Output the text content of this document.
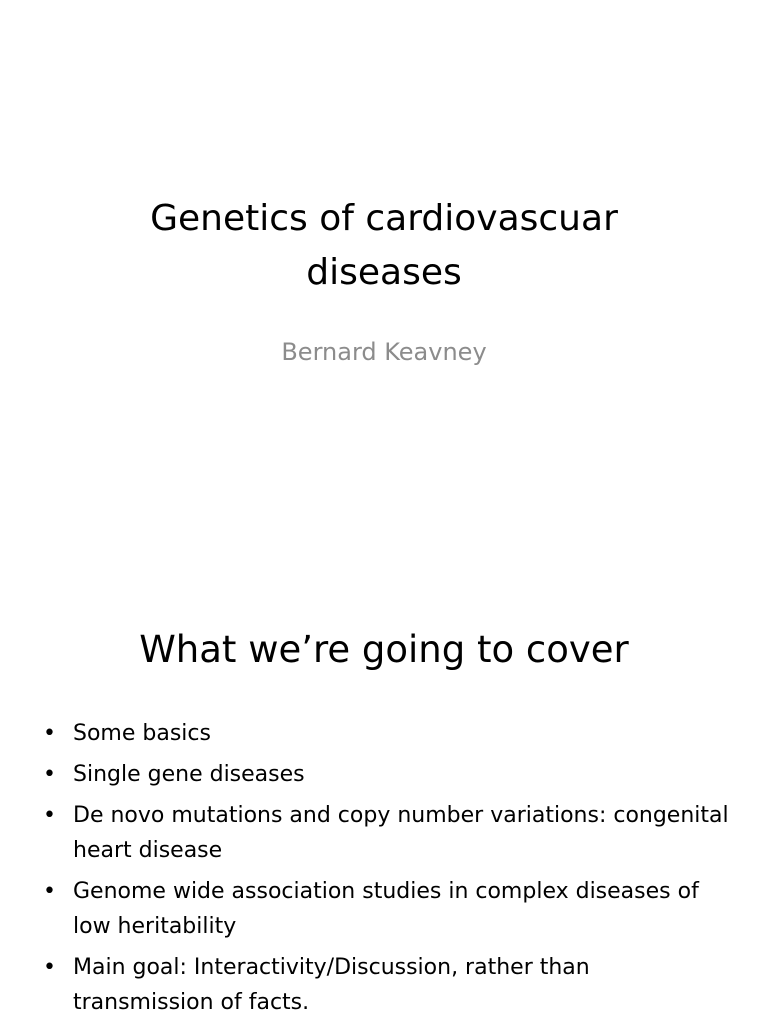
Genetics of cardiovascuar diseases

Bernard Keavney

What we’re going to cover
• Some basics
• Single gene diseases
• De novo mutations and copy number variations: congenital heart disease
• Genome wide association studies in complex diseases of low heritability
• Main goal: Interactivity/Discussion, rather than transmission of facts.
